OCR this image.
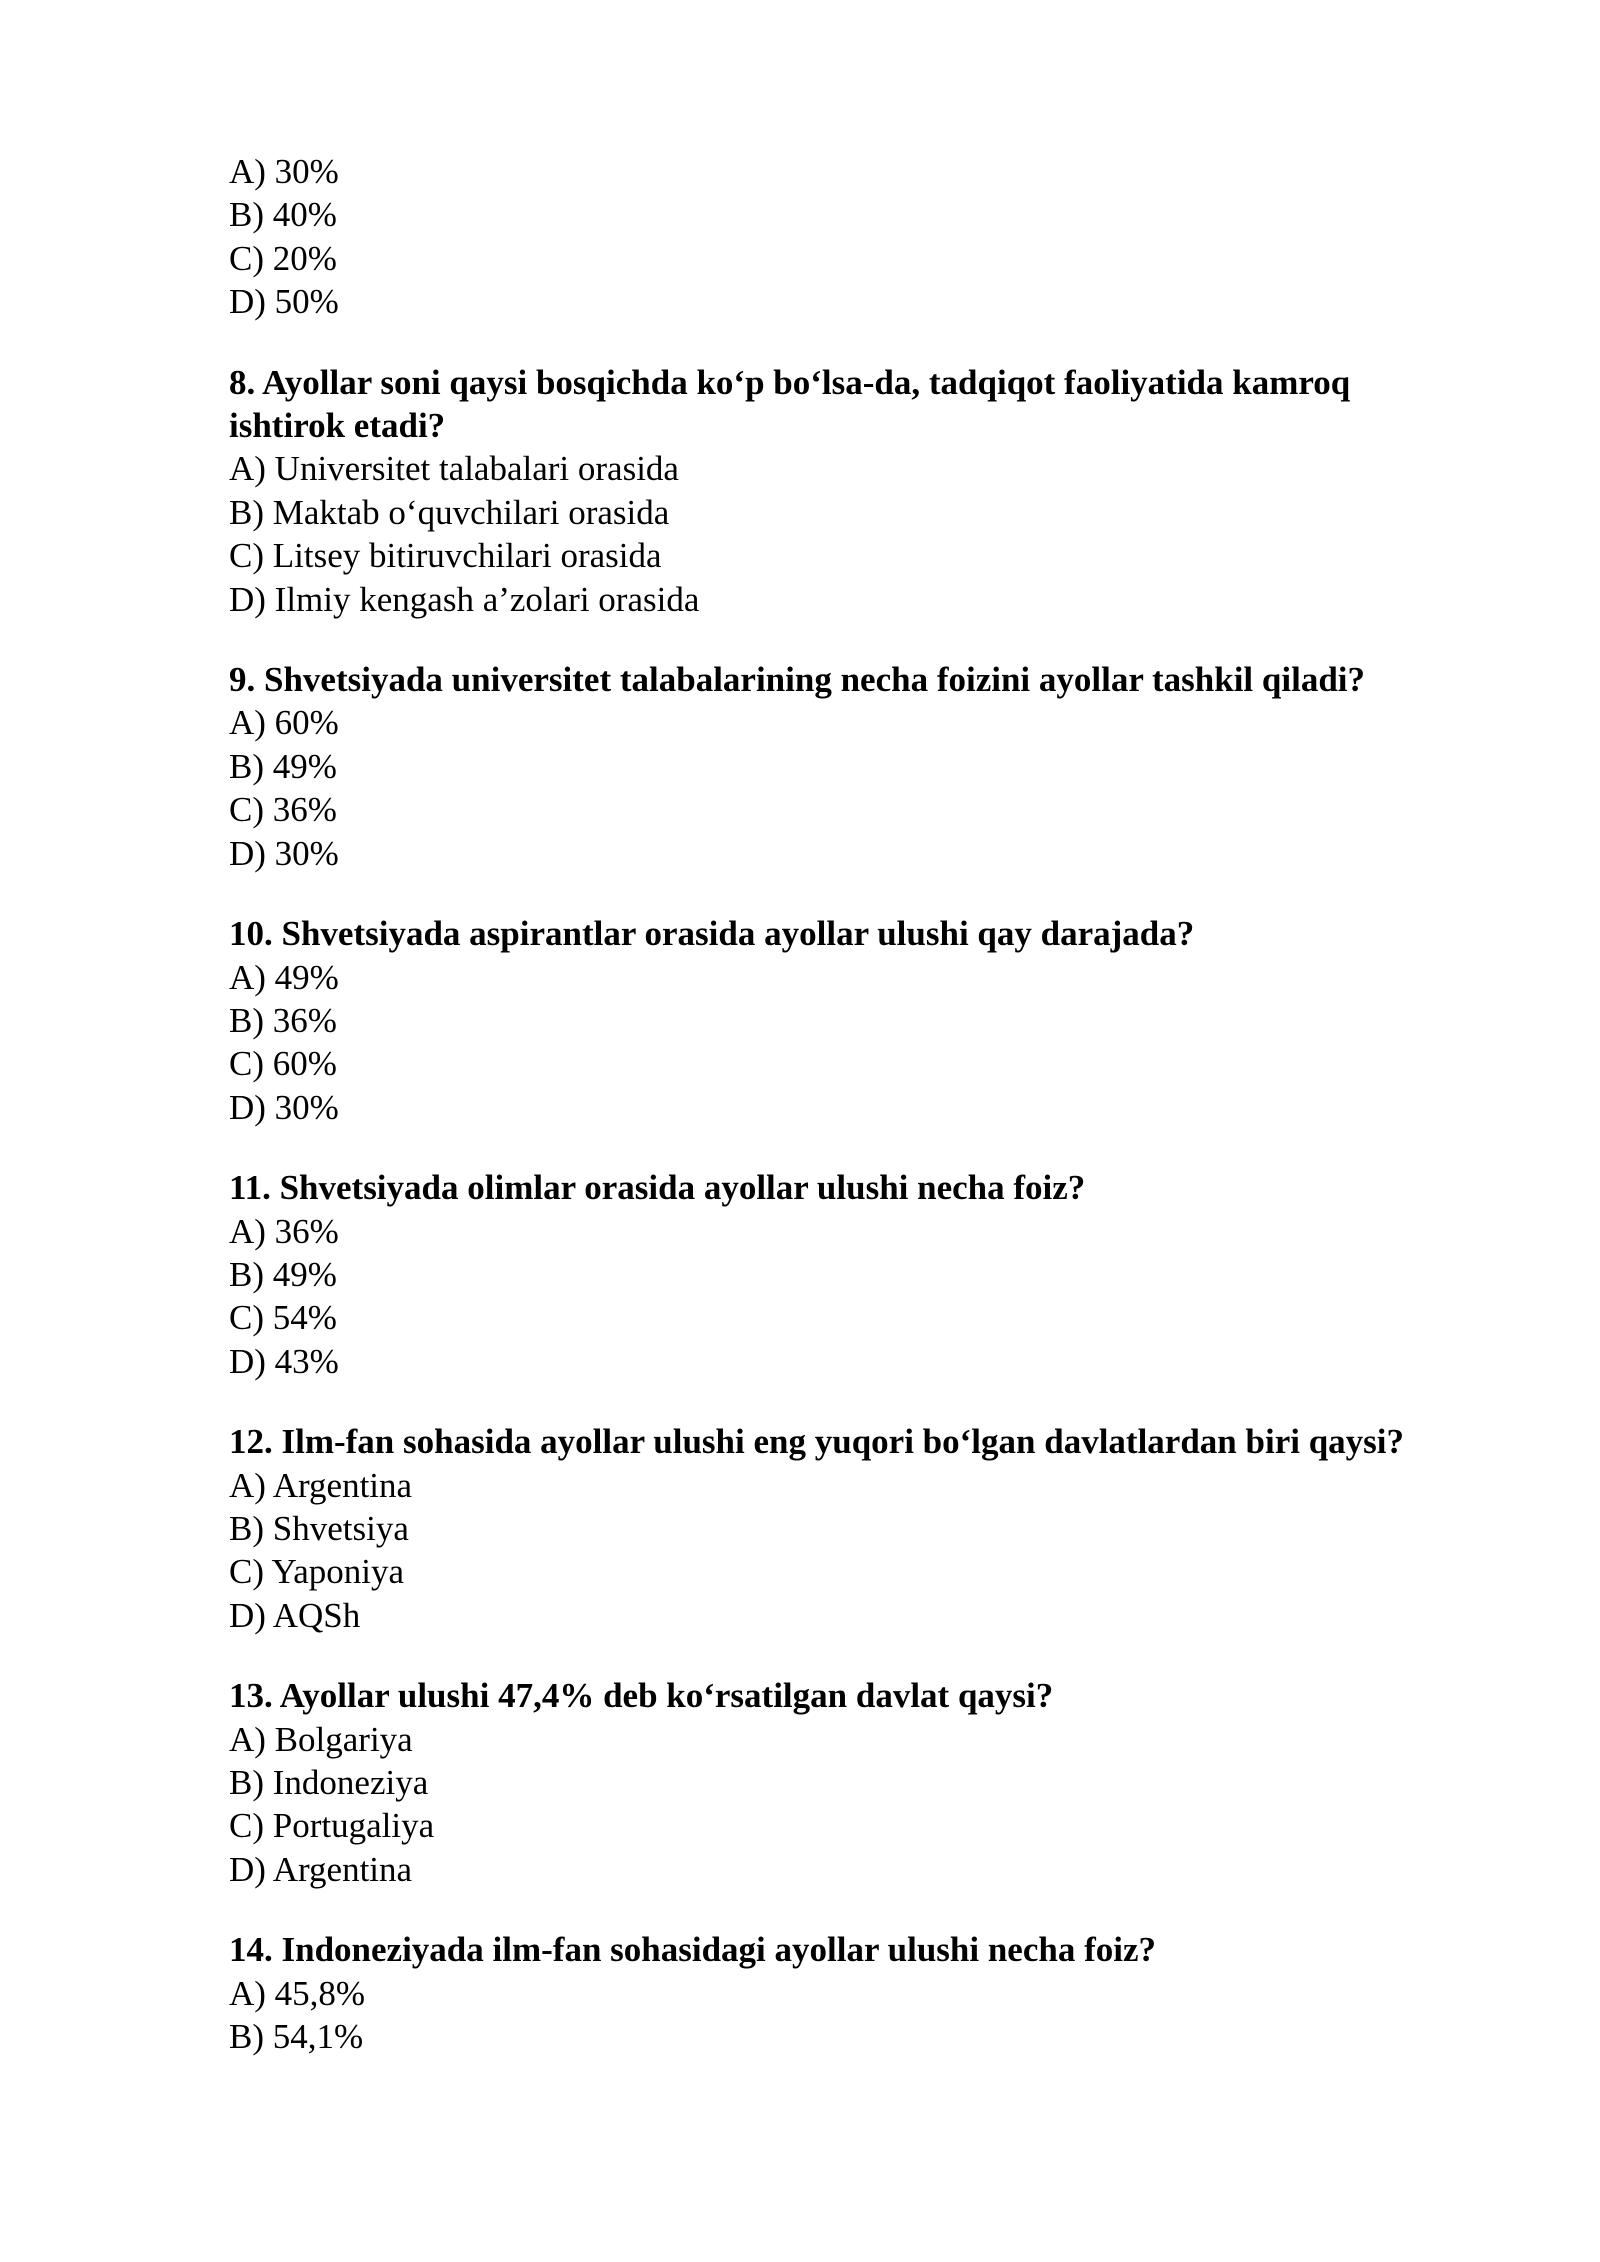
A) 30%

B) 40%

C) 20%

D) 50%

8. Ayollar soni qaysi bosqichda ko‘p bo‘lsa-da, tadqiqot faoliyatida kamroq ishtirok etadi?

A) Universitet talabalari orasida

B) Maktab o‘quvchilari orasida

C) Litsey bitiruvchilari orasida

D) Ilmiy kengash a’zolari orasida

9. Shvetsiyada universitet talabalarining necha foizini ayollar tashkil qiladi?

A) 60%

B) 49%

C) 36%

D) 30%

10. Shvetsiyada aspirantlar orasida ayollar ulushi qay darajada?

A) 49%

B) 36%

C) 60%

D) 30%

11. Shvetsiyada olimlar orasida ayollar ulushi necha foiz?

A) 36%

B) 49%

C) 54%

D) 43%

12. Ilm-fan sohasida ayollar ulushi eng yuqori bo‘lgan davlatlardan biri qaysi?

A) Argentina

B) Shvetsiya

C) Yaponiya

D) AQSh

13. Ayollar ulushi 47,4% deb ko‘rsatilgan davlat qaysi?

A) Bolgariya

B) Indoneziya

C) Portugaliya

D) Argentina

14. Indoneziyada ilm-fan sohasidagi ayollar ulushi necha foiz?

A) 45,8%

B) 54,1%
